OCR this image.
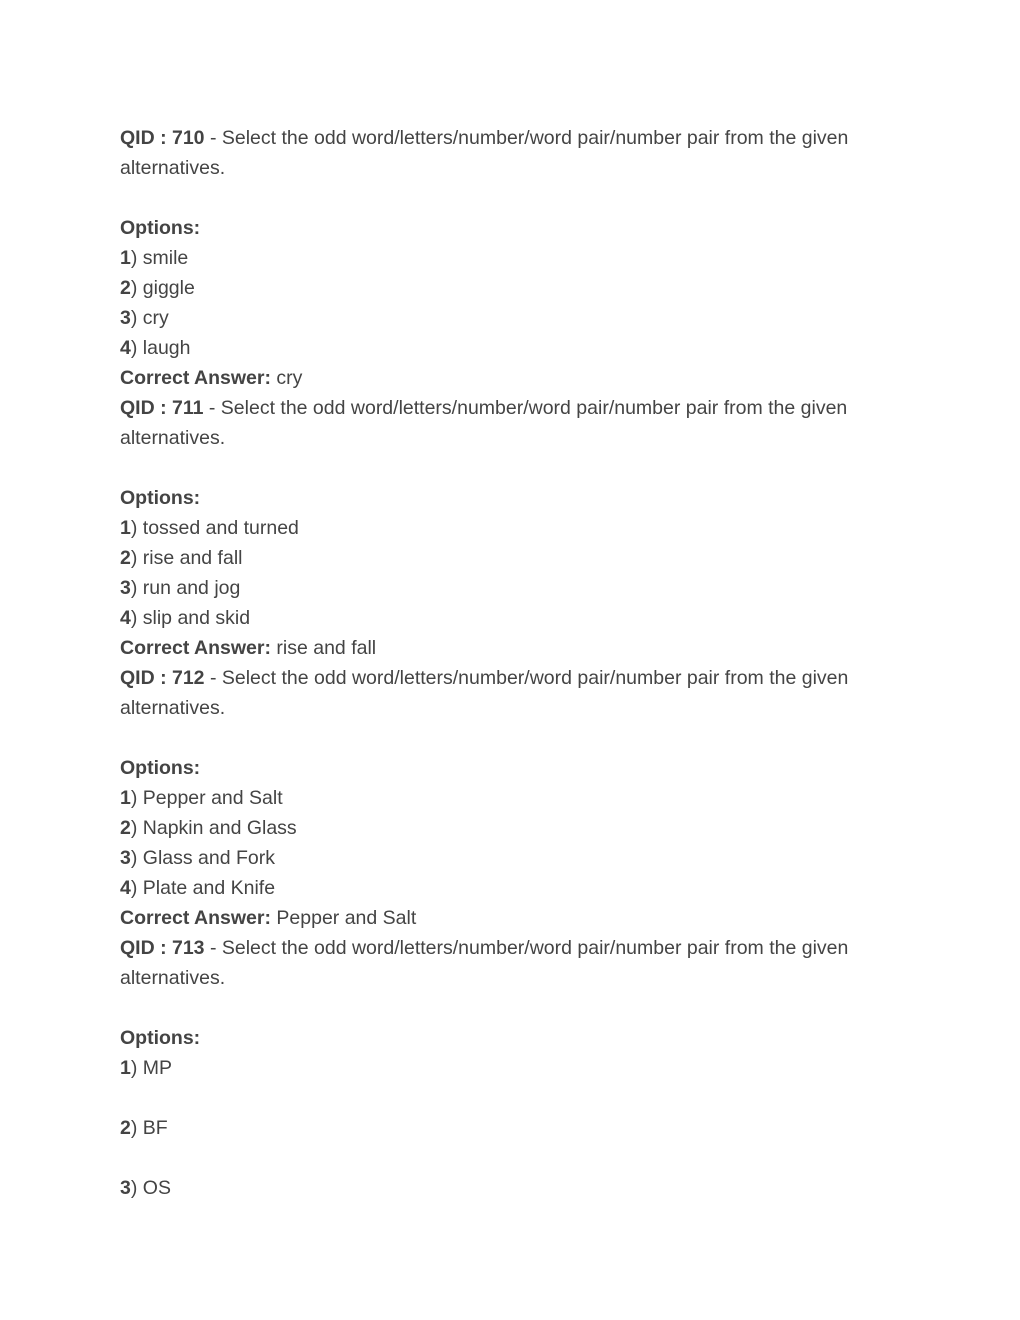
QID : 710 - Select the odd word/letters/number/word pair/number pair from the given

alternatives.

Options:

1) smile

2) giggle

3) cry

4) laugh

Correct Answer: cry

QID : 711 - Select the odd word/letters/number/word pair/number pair from the given

alternatives.

Options:

1) tossed and turned

2) rise and fall

3) run and jog

4) slip and skid

Correct Answer: rise and fall

QID : 712 - Select the odd word/letters/number/word pair/number pair from the given

alternatives.

Options:

1) Pepper and Salt

2) Napkin and Glass

3) Glass and Fork

4) Plate and Knife

Correct Answer: Pepper and Salt

QID : 713 - Select the odd word/letters/number/word pair/number pair from the given

alternatives.

Options:

1) MP

2) BF

3) OS
